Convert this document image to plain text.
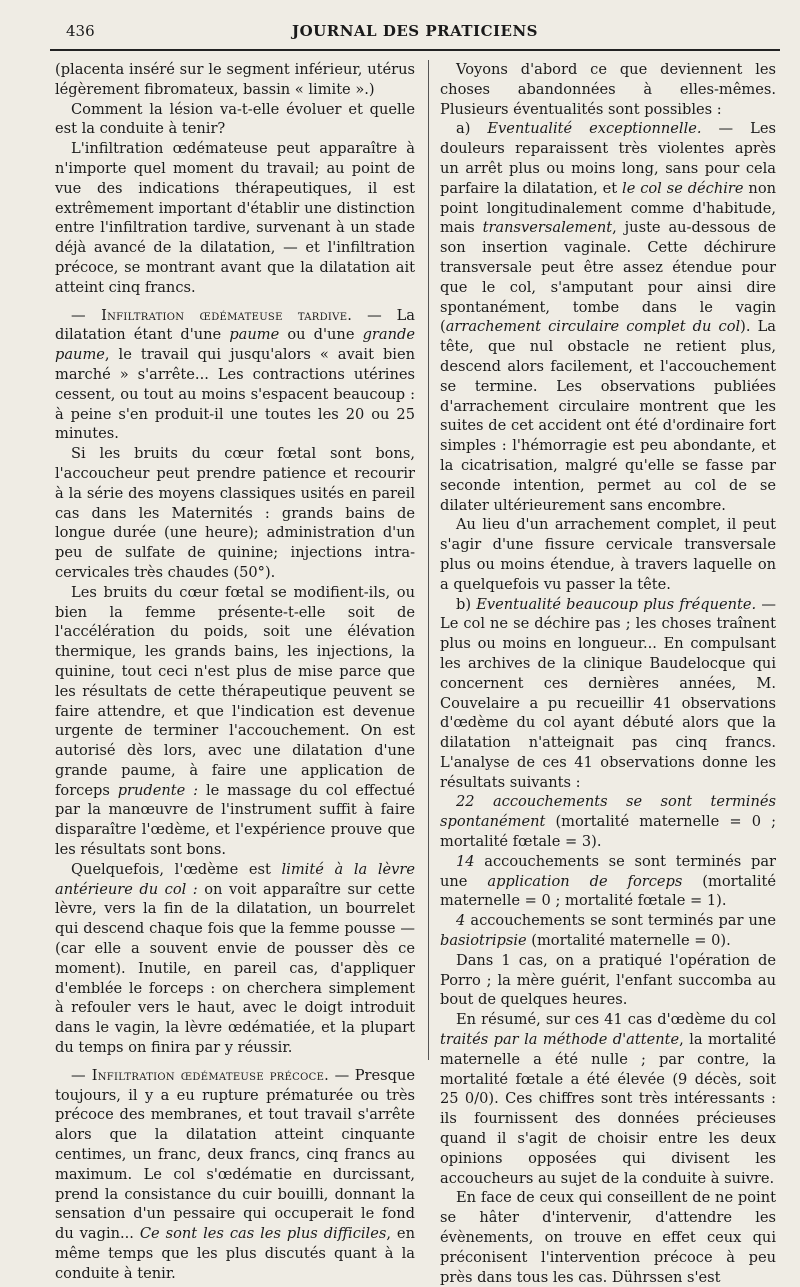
436	JOURNAL DES PRATICIENS

(placenta inséré sur le segment inférieur, utérus légèrement fibromateux, bassin « limite ».)

Comment la lésion va-t-elle évoluer et quelle est la conduite à tenir?

L'infiltration œdémateuse peut apparaître à n'importe quel moment du travail; au point de vue des indications thérapeutiques, il est extrêmement important d'établir une distinction entre l'infiltration tardive, survenant à un stade déjà avancé de la dilatation, — et l'infiltration précoce, se montrant avant que la dilatation ait atteint cinq francs.

— Infiltration œdémateuse tardive. — La dilatation étant d'une paume ou d'une grande paume, le travail qui jusqu'alors « avait bien marché » s'arrête... Les contractions utérines cessent, ou tout au moins s'espacent beaucoup : à peine s'en produit-il une toutes les 20 ou 25 minutes.

Si les bruits du cœur fœtal sont bons, l'accoucheur peut prendre patience et recourir à la série des moyens classiques usités en pareil cas dans les Maternités : grands bains de longue durée (une heure); administration d'un peu de sulfate de quinine; injections intra-cervicales très chaudes (50°).

Les bruits du cœur fœtal se modifient-ils, ou bien la femme présente-t-elle soit de l'accélération du poids, soit une élévation thermique, les grands bains, les injections, la quinine, tout ceci n'est plus de mise parce que les résultats de cette thérapeutique peuvent se faire attendre, et que l'indication est devenue urgente de terminer l'accouchement. On est autorisé dès lors, avec une dilatation d'une grande paume, à faire une application de forceps prudente : le massage du col effectué par la manœuvre de l'instrument suffit à faire disparaître l'œdème, et l'expérience prouve que les résultats sont bons.

Quelquefois, l'œdème est limité à la lèvre antérieure du col : on voit apparaître sur cette lèvre, vers la fin de la dilatation, un bourrelet qui descend chaque fois que la femme pousse — (car elle a souvent envie de pousser dès ce moment). Inutile, en pareil cas, d'appliquer d'emblée le forceps : on cherchera simplement à refouler vers le haut, avec le doigt introduit dans le vagin, la lèvre œdématiée, et la plupart du temps on finira par y réussir.

— Infiltration œdémateuse précoce. — Presque toujours, il y a eu rupture prématurée ou très précoce des membranes, et tout travail s'arrête alors que la dilatation atteint cinquante centimes, un franc, deux francs, cinq francs au maximum. Le col s'œdématie en durcissant, prend la consistance du cuir bouilli, donnant la sensation d'un pessaire qui occuperait le fond du vagin... Ce sont les cas les plus difficiles, en même temps que les plus discutés quant à la conduite à tenir.

Voyons d'abord ce que deviennent les choses abandonnées à elles-mêmes. Plusieurs éventualités sont possibles :

a) Eventualité exceptionnelle. — Les douleurs reparaissent très violentes après un arrêt plus ou moins long, sans pour cela parfaire la dilatation, et le col se déchire non point longitudinalement comme d'habitude, mais transversalement, juste au-dessous de son insertion vaginale. Cette déchirure transversale peut être assez étendue pour que le col, s'amputant pour ainsi dire spontanément, tombe dans le vagin (arrachement circulaire complet du col). La tête, que nul obstacle ne retient plus, descend alors facilement, et l'accouchement se termine. Les observations publiées d'arrachement circulaire montrent que les suites de cet accident ont été d'ordinaire fort simples : l'hémorragie est peu abondante, et la cicatrisation, malgré qu'elle se fasse par seconde intention, permet au col de se dilater ultérieurement sans encombre.

Au lieu d'un arrachement complet, il peut s'agir d'une fissure cervicale transversale plus ou moins étendue, à travers laquelle on a quelquefois vu passer la tête.

b) Eventualité beaucoup plus fréquente. — Le col ne se déchire pas ; les choses traînent plus ou moins en longueur... En compulsant les archives de la clinique Baudelocque qui concernent ces dernières années, M. Couvelaire a pu recueillir 41 observations d'œdème du col ayant débuté alors que la dilatation n'atteignait pas cinq francs. L'analyse de ces 41 observations donne les résultats suivants :

22 accouchements se sont terminés spontanément (mortalité maternelle = 0 ; mortalité fœtale = 3).

14 accouchements se sont terminés par une application de forceps (mortalité maternelle = 0 ; mortalité fœtale = 1).

4 accouchements se sont terminés par une basiotripsie (mortalité maternelle = 0).

Dans 1 cas, on a pratiqué l'opération de Porro ; la mère guérit, l'enfant succomba au bout de quelques heures.

En résumé, sur ces 41 cas d'œdème du col traités par la méthode d'attente, la mortalité maternelle a été nulle ; par contre, la mortalité fœtale a été élevée (9 décès, soit 25 0/0). Ces chiffres sont très intéressants : ils fournissent des données précieuses quand il s'agit de choisir entre les deux opinions opposées qui divisent les accoucheurs au sujet de la conduite à suivre.

En face de ceux qui conseillent de ne point se hâter d'intervenir, d'attendre les évènements, on trouve en effet ceux qui préconisent l'intervention précoce à peu près dans tous les cas. Dührssen s'est
